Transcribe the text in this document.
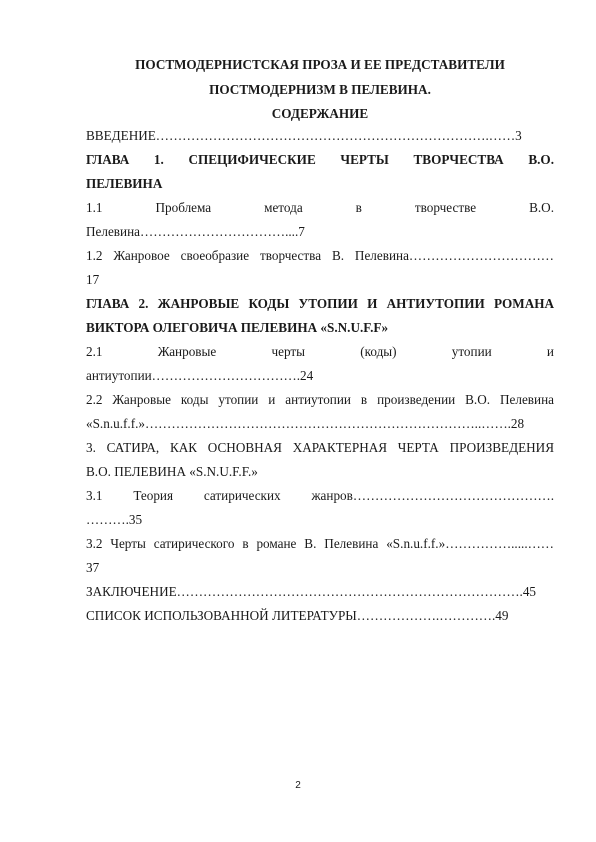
ПОСТМОДЕРНИСТСКАЯ ПРОЗА И ЕЕ ПРЕДСТАВИТЕЛИ
ПОСТМОДЕРНИЗМ В ПЕЛЕВИНА.
СОДЕРЖАНИЕ
ВВЕДЕНИЕ………………………………………………………………….……3
ГЛАВА 1. СПЕЦИФИЧЕСКИЕ ЧЕРТЫ ТВОРЧЕСТВА В.О.
ПЕЛЕВИНА
1.1 Проблема метода в творчестве В.О.
Пелевина……………………………....7
1.2 Жанровое своеобразие творчества В. Пелевина……………………………
17
ГЛАВА 2. ЖАНРОВЫЕ КОДЫ УТОПИИ И АНТИУТОПИИ РОМАНА
ВИКТОРА ОЛЕГОВИЧА ПЕЛЕВИНА «S.N.U.F.F»
2.1 Жанровые черты (коды) утопии и
антиутопии…………………………….24
2.2 Жанровые коды утопии и антиутопии в произведении В.О. Пелевина
«S.n.u.f.f.»…………………………………………………………………..…….28
3. САТИРА, КАК ОСНОВНАЯ ХАРАКТЕРНАЯ ЧЕРТА ПРОИЗВЕДЕНИЯ
В.О. ПЕЛЕВИНА «S.N.U.F.F.»
3.1 Теория сатирических жанров……………………………………….
……….35
3.2 Черты сатирического в романе В. Пелевина «S.n.u.f.f.»…………….....……
37
ЗАКЛЮЧЕНИЕ…………………………………………………………………….45
СПИСОК ИСПОЛЬЗОВАННОЙ ЛИТЕРАТУРЫ……………….………….49
2
